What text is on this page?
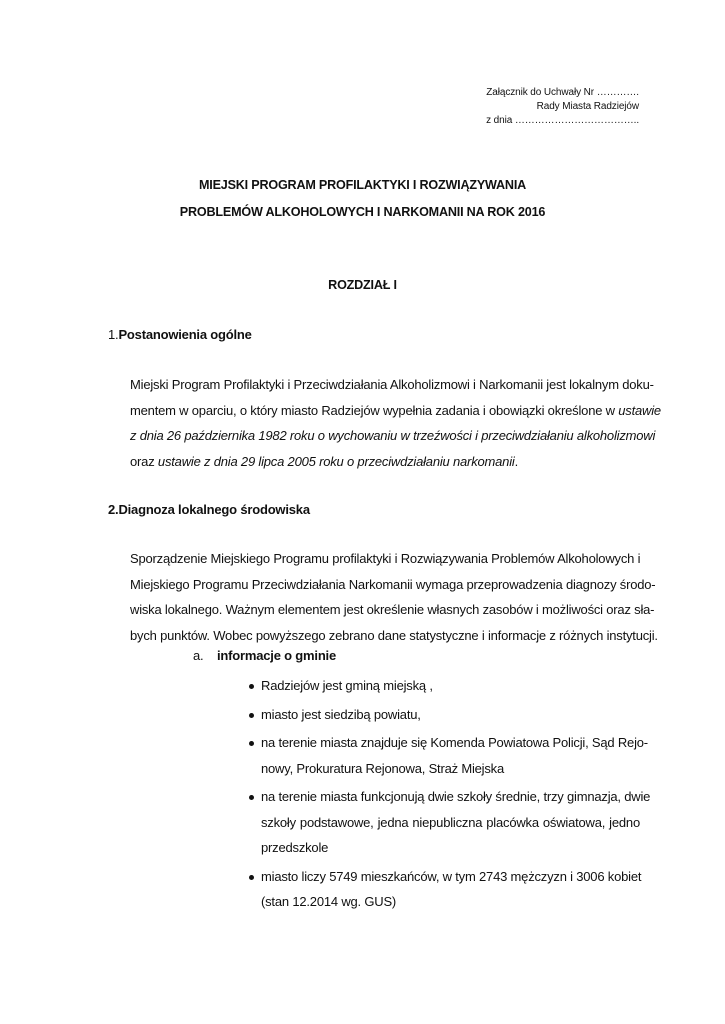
Załącznik do Uchwały Nr ………….
Rady Miasta Radziejów
z dnia ………………………………..
MIEJSKI PROGRAM PROFILAKTYKI I ROZWIĄZYWANIA
PROBLEMÓW ALKOHOLOWYCH I NARKOMANII NA ROK 2016
ROZDZIAŁ I
1.Postanowienia ogólne
Miejski Program Profilaktyki i Przeciwdziałania Alkoholizmowi i Narkomanii jest lokalnym doku-
mentem w oparciu, o który miasto Radziejów wypełnia zadania i obowiązki określone w ustawie
z dnia 26 października 1982 roku o wychowaniu w trzeźwości i przeciwdziałaniu alkoholizmowi
oraz ustawie z dnia 29 lipca 2005 roku o przeciwdziałaniu narkomanii.
2.Diagnoza lokalnego środowiska
Sporządzenie Miejskiego Programu profilaktyki i Rozwiązywania Problemów Alkoholowych i
Miejskiego Programu Przeciwdziałania Narkomanii wymaga przeprowadzenia diagnozy środo-
wiska lokalnego. Ważnym elementem jest określenie własnych zasobów i możliwości oraz sła-
bych punktów. Wobec powyższego zebrano dane statystyczne i informacje z różnych instytucji.
a. informacje o gminie
Radziejów jest gminą miejską ,
miasto jest siedzibą powiatu,
na terenie miasta znajduje się Komenda Powiatowa Policji, Sąd Rejo-
nowy, Prokuratura Rejonowa, Straż Miejska
na terenie miasta funkcjonują dwie szkoły średnie, trzy gimnazja, dwie
szkoły podstawowe, jedna niepubliczna placówka oświatowa, jedno
przedszkole
miasto liczy 5749 mieszkańców, w tym 2743 mężczyzn i 3006 kobiet
(stan 12.2014 wg. GUS)
